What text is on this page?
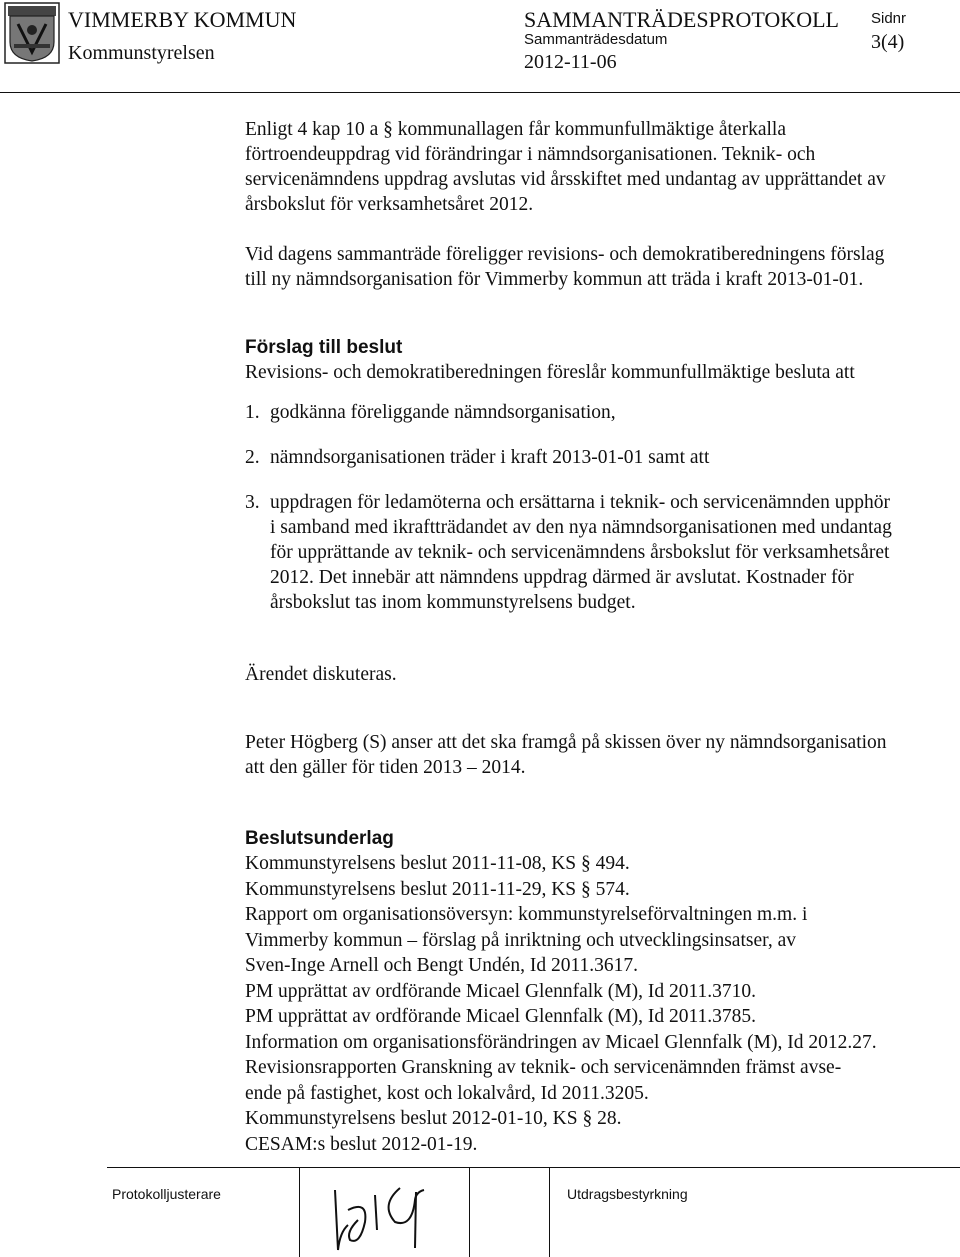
VIMMERBY KOMMUN
Kommunstyrelsen
SAMMANTRÄDESPROTOKOLL
Sammanträdesdatum
2012-11-06
Sidnr
3(4)

Enligt 4 kap 10 a § kommunallagen får kommunfullmäktige återkalla förtroendeuppdrag vid förändringar i nämndsorganisationen. Teknik- och servicenämndens uppdrag avslutas vid årsskiftet med undantag av upprättandet av årsbokslut för verksamhetsåret 2012.

Vid dagens sammanträde föreligger revisions- och demokratiberedningens förslag till ny nämndsorganisation för Vimmerby kommun att träda i kraft 2013-01-01.

Förslag till beslut

Revisions- och demokratiberedningen föreslår kommunfullmäktige besluta att

1. godkänna föreliggande nämndsorganisation,
2. nämndsorganisationen träder i kraft 2013-01-01 samt att
3. uppdragen för ledamöterna och ersättarna i teknik- och servicenämnden upphör i samband med ikraftträdandet av den nya nämndsorganisationen med undantag för upprättande av teknik- och servicenämndens årsbokslut för verksamhetsåret 2012. Det innebär att nämndens uppdrag därmed är avslutat. Kostnader för årsbokslut tas inom kommunstyrelsens budget.

Ärendet diskuteras.

Peter Högberg (S) anser att det ska framgå på skissen över ny nämndsorganisation att den gäller för tiden 2013 – 2014.

Beslutsunderlag

Kommunstyrelsens beslut 2011-11-08, KS § 494.

Kommunstyrelsens beslut 2011-11-29, KS § 574.

Rapport om organisationsöversyn: kommunstyrelseförvaltningen m.m. i

Vimmerby kommun – förslag på inriktning och utvecklingsinsatser, av

Sven-Inge Arnell och Bengt Undén, Id 2011.3617.

PM upprättat av ordförande Micael Glennfalk (M), Id 2011.3710.

PM upprättat av ordförande Micael Glennfalk (M), Id 2011.3785.

Information om organisationsförändringen av Micael Glennfalk (M), Id 2012.27.

Revisionsrapporten Granskning av teknik- och servicenämnden främst avse-

ende på fastighet, kost och lokalvård, Id 2011.3205.

Kommunstyrelsens beslut 2012-01-10, KS § 28.

CESAM:s beslut 2012-01-19.

Protokolljusterare	Utdragsbestyrkning
